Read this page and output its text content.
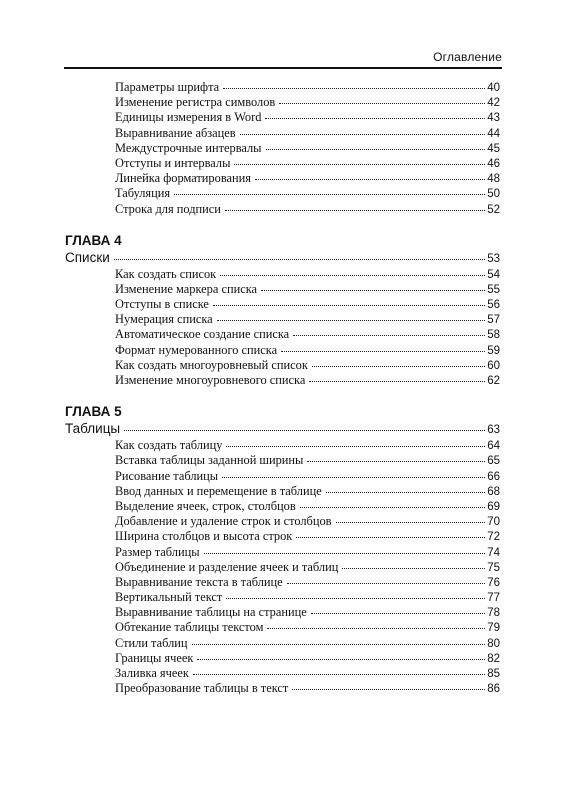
Оглавление
Параметры шрифта	40
Изменение регистра символов	42
Единицы измерения в Word	43
Выравнивание абзацев	44
Междустрочные интервалы	45
Отступы и интервалы	46
Линейка форматирования	48
Табуляция	50
Строка для подписи	52
ГЛАВА 4
Списки	53
Как создать список	54
Изменение маркера списка	55
Отступы в списке	56
Нумерация списка	57
Автоматическое создание списка	58
Формат нумерованного списка	59
Как создать многоуровневый список	60
Изменение многоуровневого списка	62
ГЛАВА 5
Таблицы	63
Как создать таблицу	64
Вставка таблицы заданной ширины	65
Рисование таблицы	66
Ввод данных и перемещение в таблице	68
Выделение ячеек, строк, столбцов	69
Добавление и удаление строк и столбцов	70
Ширина столбцов и высота строк	72
Размер таблицы	74
Объединение и разделение ячеек и таблиц	75
Выравнивание текста в таблице	76
Вертикальный текст	77
Выравнивание таблицы на странице	78
Обтекание таблицы текстом	79
Стили таблиц	80
Границы ячеек	82
Заливка ячеек	85
Преобразование таблицы в текст	86
